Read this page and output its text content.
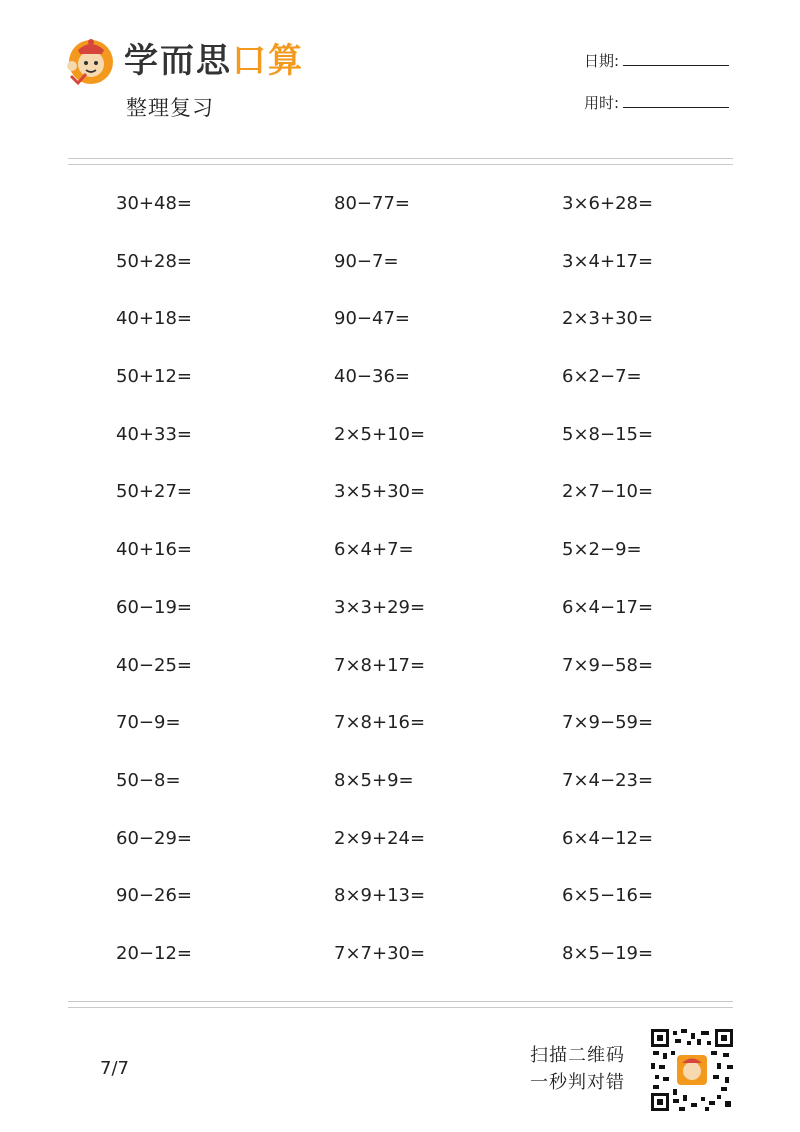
学而思口算
整理复习
日期:
用时:
30+48=	80−77=	3×6+28=
50+28=	90−7=	3×4+17=
40+18=	90−47=	2×3+30=
50+12=	40−36=	6×2−7=
40+33=	2×5+10=	5×8−15=
50+27=	3×5+30=	2×7−10=
40+16=	6×4+7=	5×2−9=
60−19=	3×3+29=	6×4−17=
40−25=	7×8+17=	7×9−58=
70−9=	7×8+16=	7×9−59=
50−8=	8×5+9=	7×4−23=
60−29=	2×9+24=	6×4−12=
90−26=	8×9+13=	6×5−16=
20−12=	7×7+30=	8×5−19=
7/7
扫描二维码
一秒判对错
